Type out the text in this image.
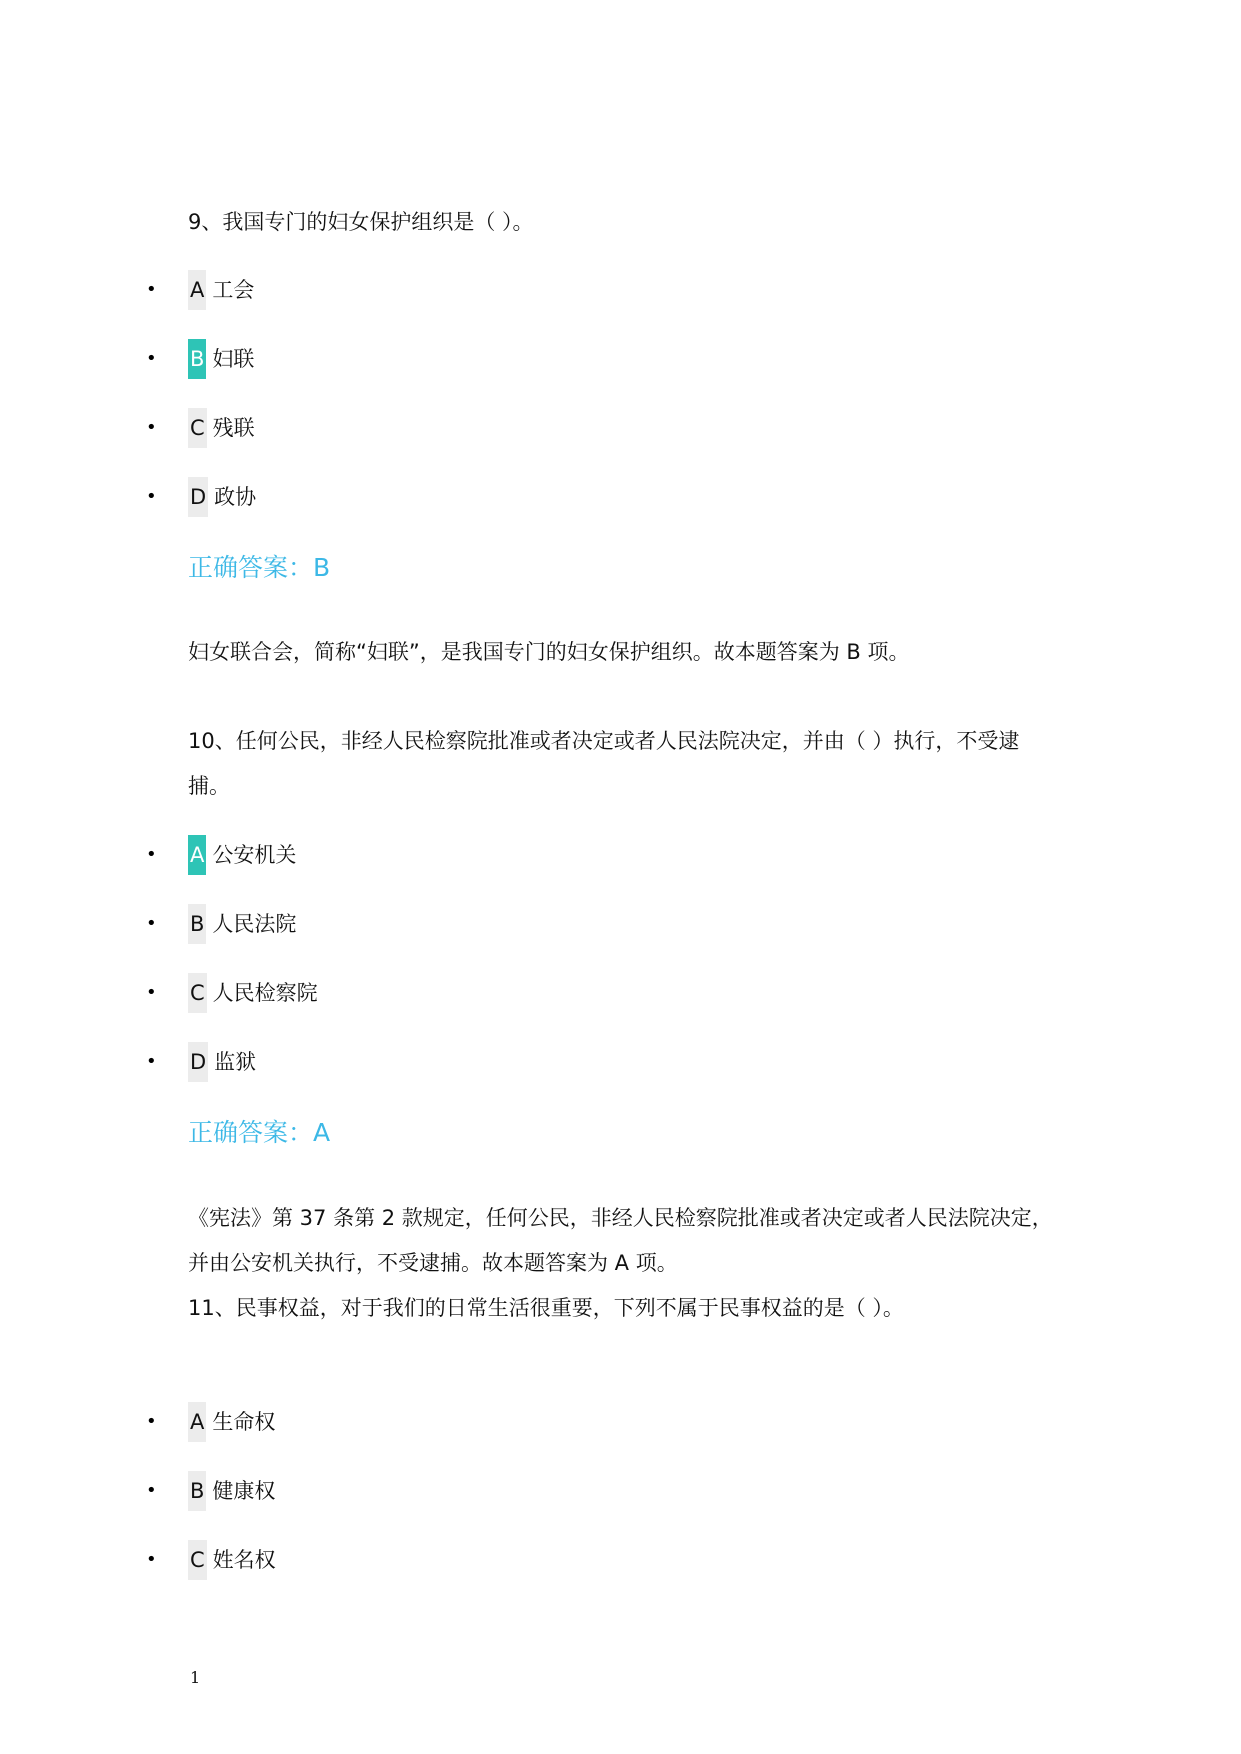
9、我国专门的妇女保护组织是（ ）。
• A 工会
• B 妇联
• C 残联
• D 政协
正确答案：B
妇女联合会，简称“妇联”，是我国专门的妇女保护组织。故本题答案为 B 项。
10、任何公民，非经人民检察院批准或者决定或者人民法院决定，并由（ ）执行，不受逮捕。
• A 公安机关
• B 人民法院
• C 人民检察院
• D 监狱
正确答案：A
《宪法》第 37 条第 2 款规定，任何公民，非经人民检察院批准或者决定或者人民法院决定，并由公安机关执行，不受逮捕。故本题答案为 A 项。
11、民事权益，对于我们的日常生活很重要，下列不属于民事权益的是（ ）。
• A 生命权
• B 健康权
• C 姓名权
1
